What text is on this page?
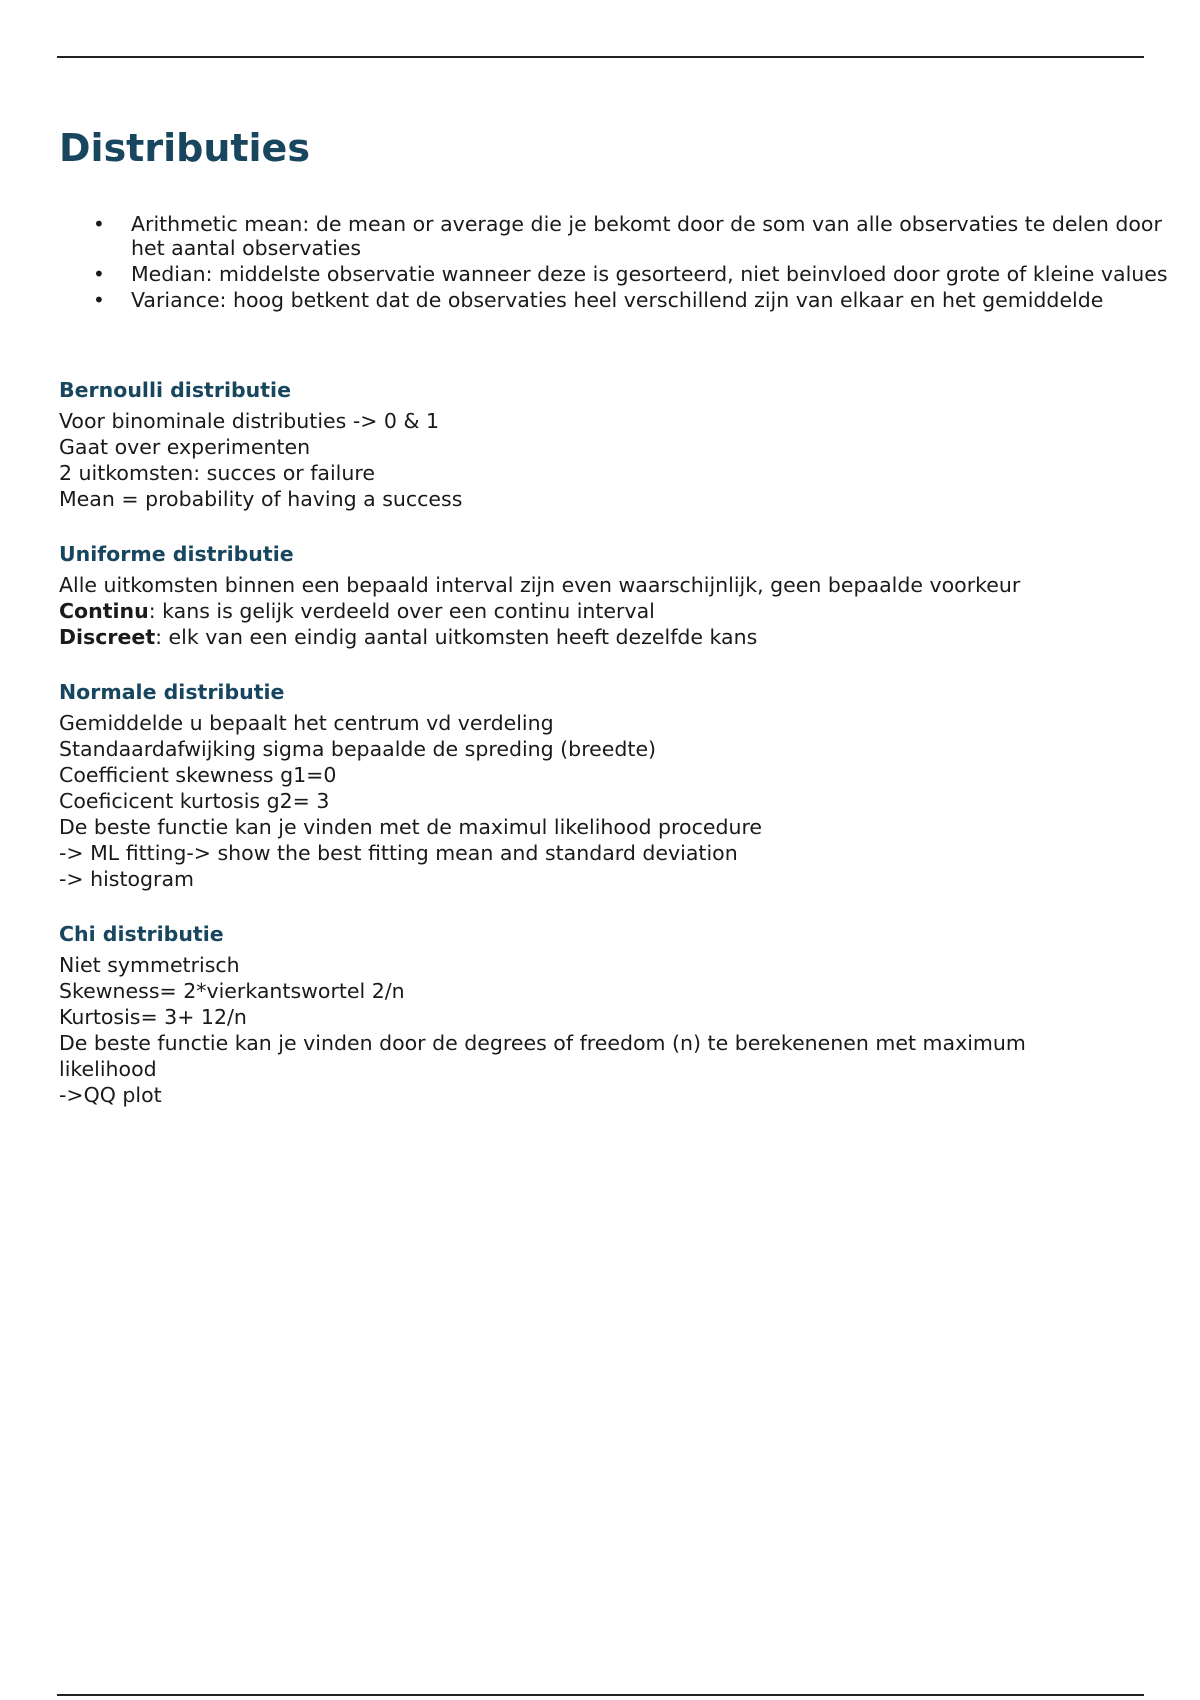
Distributies
• Arithmetic mean: de mean or average die je bekomt door de som van alle observaties te delen door het aantal observaties
• Median: middelste observatie wanneer deze is gesorteerd, niet beinvloed door grote of kleine values
• Variance: hoog betkent dat de observaties heel verschillend zijn van elkaar en het gemiddelde
Bernoulli distributie
Voor binominale distributies -> 0 & 1
Gaat over experimenten
2 uitkomsten: succes or failure
Mean = probability of having a success
Uniforme distributie
Alle uitkomsten binnen een bepaald interval zijn even waarschijnlijk, geen bepaalde voorkeur
Continu: kans is gelijk verdeeld over een continu interval
Discreet: elk van een eindig aantal uitkomsten heeft dezelfde kans
Normale distributie
Gemiddelde u bepaalt het centrum vd verdeling
Standaardafwijking sigma bepaalde de spreding (breedte)
Coefficient skewness g1=0
Coeficicent kurtosis g2= 3
De beste functie kan je vinden met de maximul likelihood procedure
-> ML fitting-> show the best fitting mean and standard deviation
-> histogram
Chi distributie
Niet symmetrisch
Skewness= 2*vierkantswortel 2/n
Kurtosis= 3+ 12/n
De beste functie kan je vinden door de degrees of freedom (n) te berekenenen met maximum likelihood
->QQ plot
